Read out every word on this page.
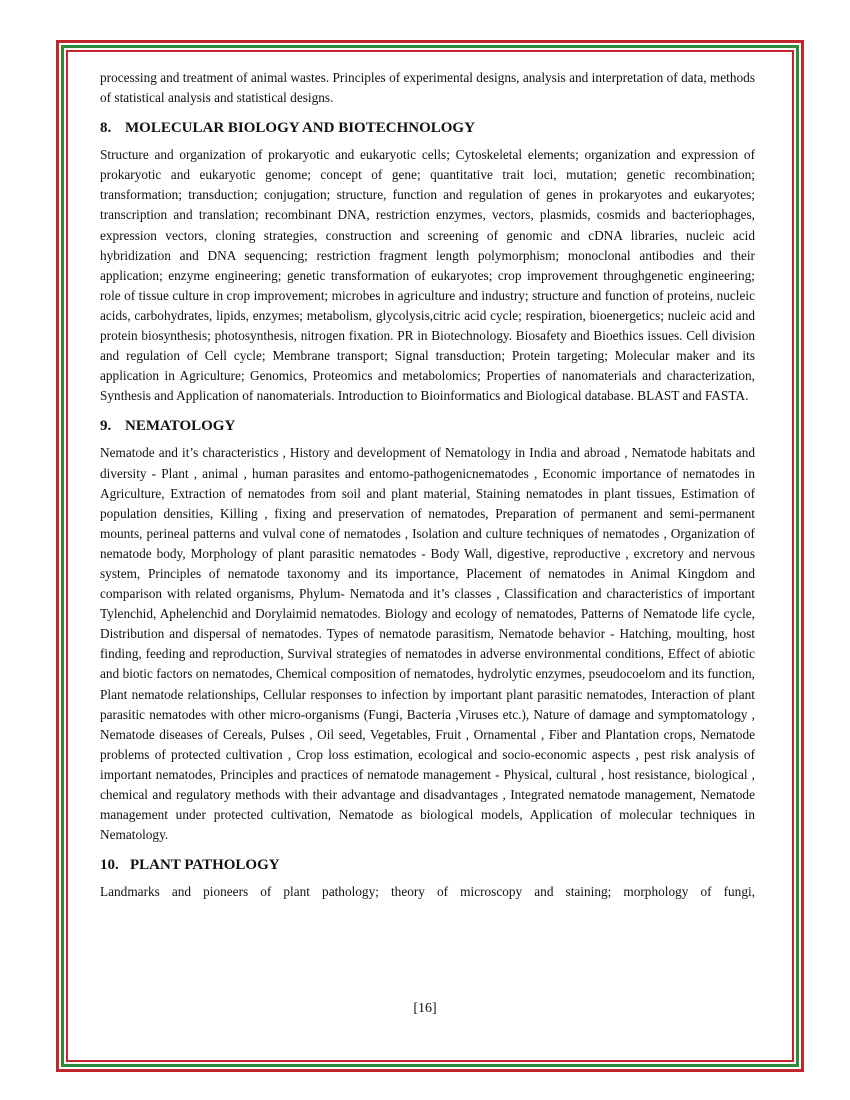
processing and treatment of animal wastes. Principles of experimental designs, analysis and interpretation of data, methods of statistical analysis and statistical designs.

8. MOLECULAR BIOLOGY AND BIOTECHNOLOGY

Structure and organization of prokaryotic and eukaryotic cells; Cytoskeletal elements; organization and expression of prokaryotic and eukaryotic genome; concept of gene; quantitative trait loci, mutation; genetic recombination; transformation; transduction; conjugation; structure, function and regulation of genes in prokaryotes and eukaryotes; transcription and translation; recombinant DNA, restriction enzymes, vectors, plasmids, cosmids and bacteriophages, expression vectors, cloning strategies, construction and screening of genomic and cDNA libraries, nucleic acid hybridization and DNA sequencing; restriction fragment length polymorphism; monoclonal antibodies and their application; enzyme engineering; genetic transformation of eukaryotes; crop improvement throughgenetic engineering; role of tissue culture in crop improvement; microbes in agriculture and industry; structure and function of proteins, nucleic acids, carbohydrates, lipids, enzymes; metabolism, glycolysis,citric acid cycle; respiration, bioenergetics; nucleic acid and protein biosynthesis; photosynthesis, nitrogen fixation. PR in Biotechnology. Biosafety and Bioethics issues. Cell division and regulation of Cell cycle; Membrane transport; Signal transduction; Protein targeting; Molecular maker and its application in Agriculture; Genomics, Proteomics and metabolomics; Properties of nanomaterials and characterization, Synthesis and Application of nanomaterials. Introduction to Bioinformatics and Biological database. BLAST and FASTA.

9. NEMATOLOGY

Nematode and it’s characteristics , History and development of Nematology in India and abroad , Nematode habitats and diversity - Plant , animal , human parasites and entomo-pathogenicnematodes , Economic importance of nematodes in Agriculture, Extraction of nematodes from soil and plant material, Staining nematodes in plant tissues, Estimation of population densities, Killing , fixing and preservation of nematodes, Preparation of permanent and semi-permanent mounts, perineal patterns and vulval cone of nematodes , Isolation and culture techniques of nematodes , Organization of nematode body, Morphology of plant parasitic nematodes - Body Wall, digestive, reproductive , excretory and nervous system, Principles of nematode taxonomy and its importance, Placement of nematodes in Animal Kingdom and comparison with related organisms, Phylum- Nematoda and it’s classes , Classification and characteristics of important Tylenchid, Aphelenchid and Dorylaimid nematodes. Biology and ecology of nematodes, Patterns of Nematode life cycle, Distribution and dispersal of nematodes. Types of nematode parasitism, Nematode behavior - Hatching, moulting, host finding, feeding and reproduction, Survival strategies of nematodes in adverse environmental conditions, Effect of abiotic and biotic factors on nematodes, Chemical composition of nematodes, hydrolytic enzymes, pseudocoelom and its function, Plant nematode relationships, Cellular responses to infection by important plant parasitic nematodes, Interaction of plant parasitic nematodes with other micro-organisms (Fungi, Bacteria ,Viruses etc.), Nature of damage and symptomatology , Nematode diseases of Cereals, Pulses , Oil seed, Vegetables, Fruit , Ornamental , Fiber and Plantation crops, Nematode problems of protected cultivation , Crop loss estimation, ecological and socio-economic aspects , pest risk analysis of important nematodes, Principles and practices of nematode management - Physical, cultural , host resistance, biological , chemical and regulatory methods with their advantage and disadvantages , Integrated nematode management, Nematode management under protected cultivation, Nematode as biological models, Application of molecular techniques in Nematology.

10. PLANT PATHOLOGY

Landmarks and pioneers of plant pathology; theory of microscopy and staining; morphology of fungi,

[16]
